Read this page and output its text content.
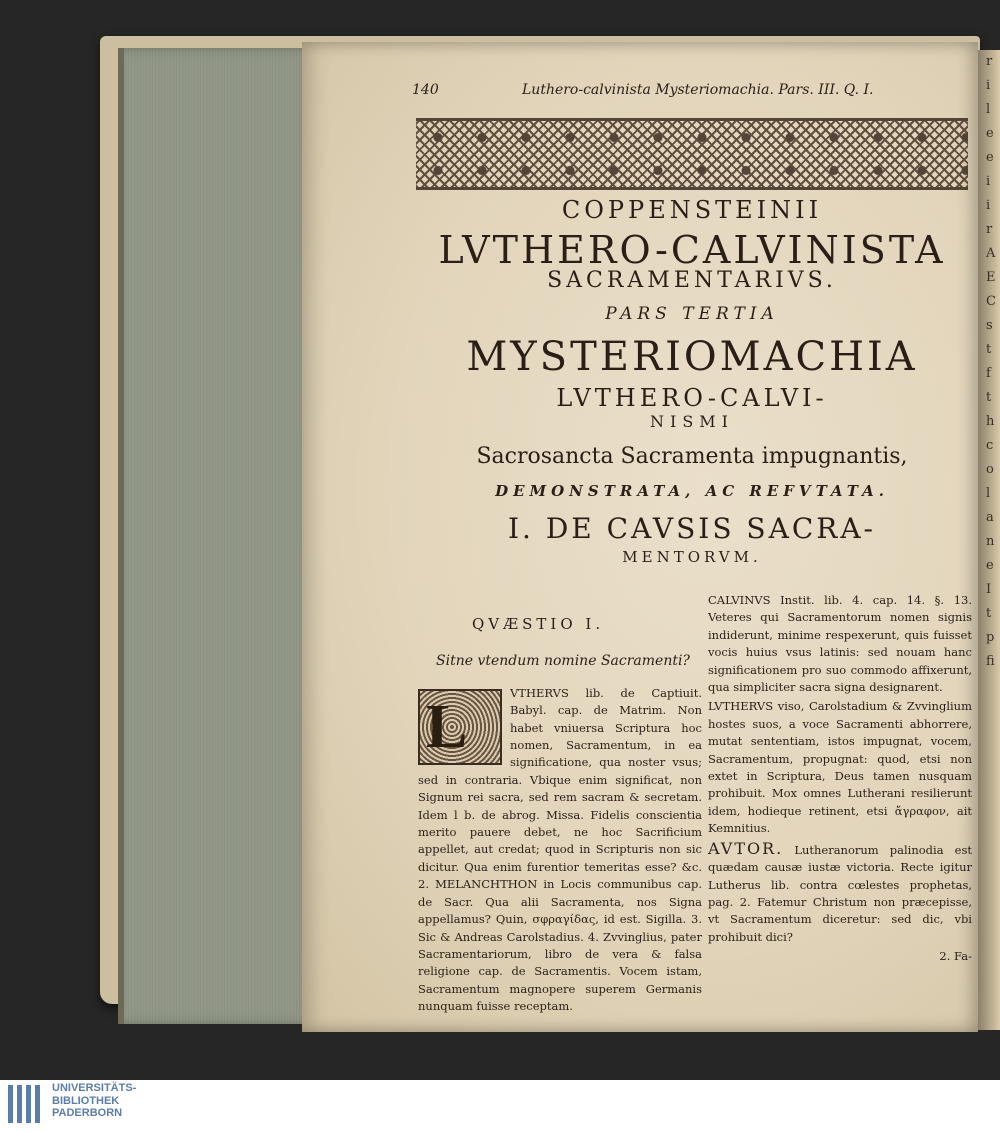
r
i
l
e
e
i
i
r
A
E
C
s
t
f
t
h
c
o
l
a
n
e
I
t
p
fi
140	Luthero-calvinista Mysteriomachia. Pars. III. Q. I.
COPPENSTEINII
LVTHERO-CALVINISTA
SACRAMENTARIVS.
PARS TERTIA
MYSTERIOMACHIA
LVTHERO-CALVI-
NISMI
Sacrosancta Sacramenta impugnantis,
DEMONSTRATA, AC REFVTATA.
I. DE CAVSIS SACRA-
MENTORVM.
QVÆSTIO I.
Sitne vtendum nomine Sacramenti?
L	VTHERVS lib. de Captiuit. Babyl. cap. de Matrim. Non habet vniuersa Scriptura hoc nomen, Sacramentum, in ea significatione, qua noster vsus; sed in contraria. Vbique enim significat, non Signum rei sacra, sed rem sacram & secretam. Idem l b. de abrog. Missa. Fidelis conscientia merito pauere debet, ne hoc Sacrificium appellet, aut credat; quod in Scripturis non sic dicitur. Qua enim furentior temeritas esse? &c. 2. MELANCHTHON in Locis communibus cap. de Sacr. Qua alii Sacramenta, nos Signa appellamus? Quin, σφραγίδας, id est. Sigilla. 3. Sic & Andreas Carolstadius. 4. Zvvinglius, pater Sacramentariorum, libro de vera & falsa religione cap. de Sacramentis. Vocem istam, Sacramentum magnopere superem Germanis nunquam fuisse receptam.

CALVINVS Instit. lib. 4. cap. 14. §. 13. Veteres qui Sacramentorum nomen signis indiderunt, minime respexerunt, quis fuisset vocis huius vsus latinis: sed nouam hanc significationem pro suo commodo affixerunt, qua simpliciter sacra signa designarent.

LVTHERVS viso, Carolstadium & Zvvinglium hostes suos, a voce Sacramenti abhorrere, mutat sententiam, istos impugnat, vocem, Sacramentum, propugnat: quod, etsi non extet in Scriptura, Deus tamen nusquam prohibuit. Mox omnes Lutherani resilierunt idem, hodieque retinent, etsi ἄγραφον, ait Kemnitius.

AVTOR. Lutheranorum palinodia est quædam causæ iustæ victoria. Recte igitur Lutherus lib. contra cœlestes prophetas, pag. 2. Fatemur Christum non præcepisse, vt Sacramentum diceretur: sed dic, vbi prohibuit dici?

2. Fa-

UNIVERSITÄTS-
BIBLIOTHEK
PADERBORN
